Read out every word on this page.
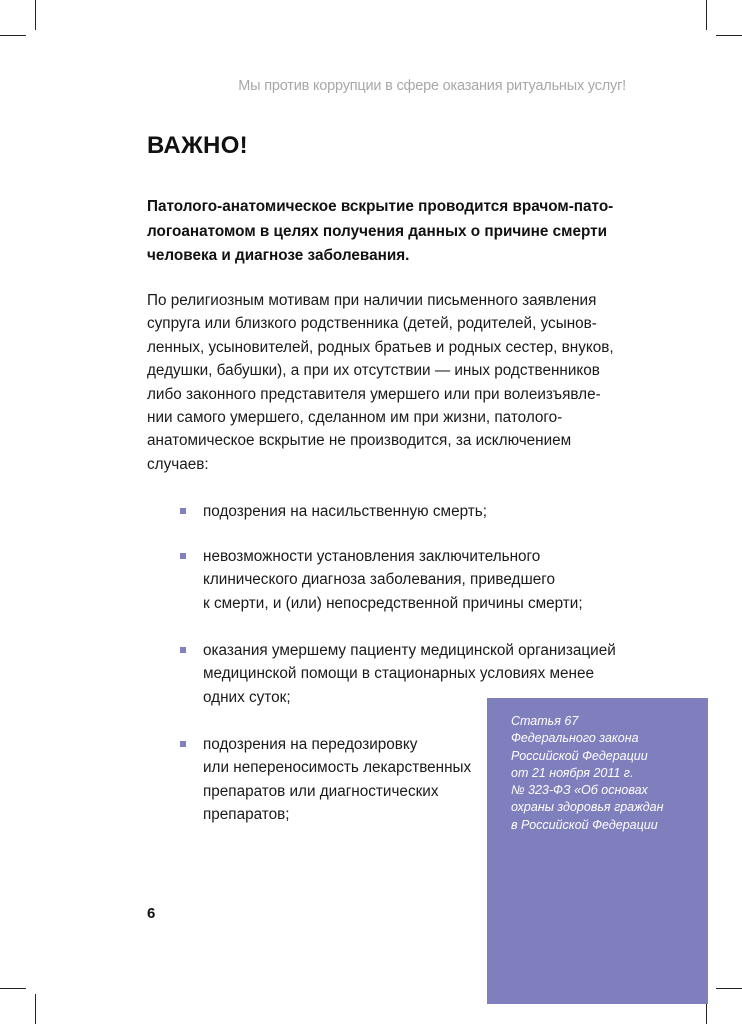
Мы против коррупции в сфере оказания ритуальных услуг!
ВАЖНО!

Патолого-анатомическое вскрытие проводится врачом-пато-
логоанатомом в целях получения данных о причине смерти
человека и диагнозе заболевания.

По религиозным мотивам при наличии письменного заявления
супруга или близкого родственника (детей, родителей, усынов-
ленных, усыновителей, родных братьев и родных сестер, внуков,
дедушки, бабушки), а при их отсутствии — иных родственников
либо законного представителя умершего или при волеизъявле-
нии самого умершего, сделанном им при жизни, патолого-
анатомическое вскрытие не производится, за исключением
случаев:

подозрения на насильственную смерть;
невозможности установления заключительного
клинического диагноза заболевания, приведшего
к смерти, и (или) непосредственной причины смерти;
оказания умершему пациенту медицинской организацией
медицинской помощи в стационарных условиях менее
одних суток;
подозрения на передозировку
или непереносимость лекарственных
препаратов или диагностических
препаратов;

Статья 67
Федерального закона
Российской Федерации
от 21 ноября 2011 г.
№ 323-ФЗ «Об основах
охраны здоровья граждан
в Российской Федерации

6
